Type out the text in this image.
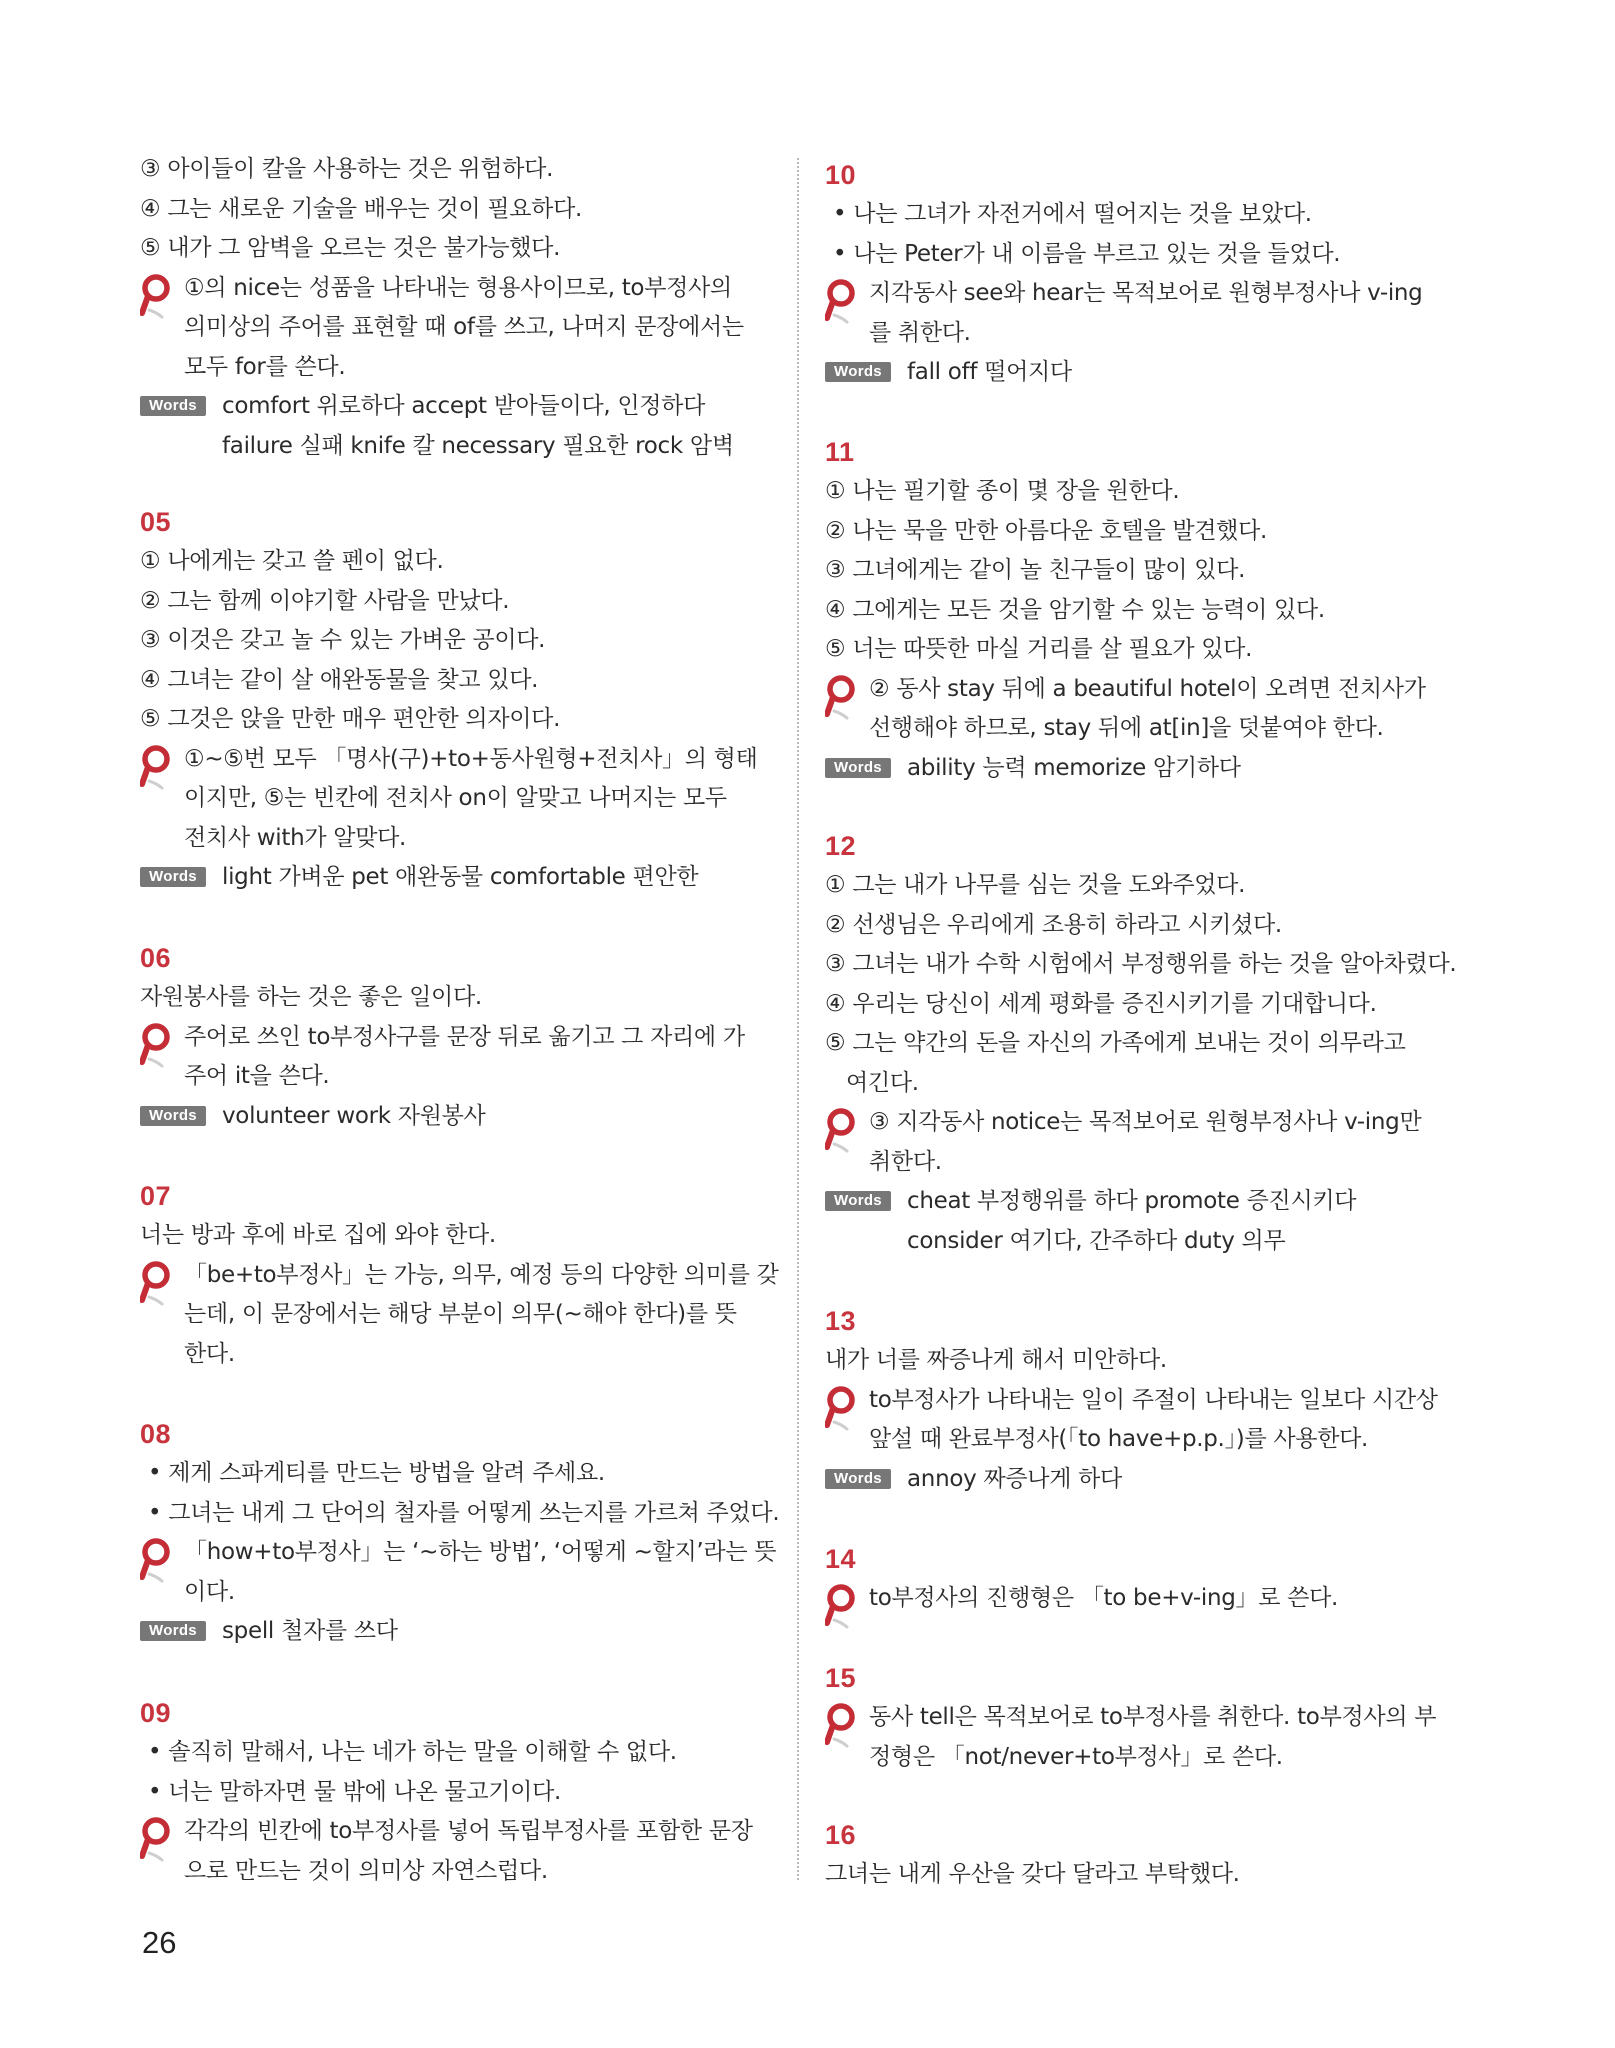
③ 아이들이 칼을 사용하는 것은 위험하다.
④ 그는 새로운 기술을 배우는 것이 필요하다.
⑤ 내가 그 암벽을 오르는 것은 불가능했다.
①의 nice는 성품을 나타내는 형용사이므로, to부정사의
의미상의 주어를 표현할 때 of를 쓰고, 나머지 문장에서는
모두 for를 쓴다.
Words	comfort 위로하다 accept 받아들이다, 인정하다
failure 실패 knife 칼 necessary 필요한 rock 암벽
05
① 나에게는 갖고 쓸 펜이 없다.
② 그는 함께 이야기할 사람을 만났다.
③ 이것은 갖고 놀 수 있는 가벼운 공이다.
④ 그녀는 같이 살 애완동물을 찾고 있다.
⑤ 그것은 앉을 만한 매우 편안한 의자이다.
①~⑤번 모두 「명사(구)+to+동사원형+전치사」의 형태
이지만, ⑤는 빈칸에 전치사 on이 알맞고 나머지는 모두
전치사 with가 알맞다.
Words	light 가벼운 pet 애완동물 comfortable 편안한
06
자원봉사를 하는 것은 좋은 일이다.
주어로 쓰인 to부정사구를 문장 뒤로 옮기고 그 자리에 가
주어 it을 쓴다.
Words	volunteer work 자원봉사
07
너는 방과 후에 바로 집에 와야 한다.
「be+to부정사」는 가능, 의무, 예정 등의 다양한 의미를 갖
는데, 이 문장에서는 해당 부분이 의무(~해야 한다)를 뜻
한다.
08
• 제게 스파게티를 만드는 방법을 알려 주세요.
• 그녀는 내게 그 단어의 철자를 어떻게 쓰는지를 가르쳐 주었다.
「how+to부정사」는 ‘~하는 방법’, ‘어떻게 ~할지’라는 뜻
이다.
Words	spell 철자를 쓰다
09
• 솔직히 말해서, 나는 네가 하는 말을 이해할 수 없다.
• 너는 말하자면 물 밖에 나온 물고기이다.
각각의 빈칸에 to부정사를 넣어 독립부정사를 포함한 문장
으로 만드는 것이 의미상 자연스럽다.
10
• 나는 그녀가 자전거에서 떨어지는 것을 보았다.
• 나는 Peter가 내 이름을 부르고 있는 것을 들었다.
지각동사 see와 hear는 목적보어로 원형부정사나 v-ing
를 취한다.
Words	fall off 떨어지다
11
① 나는 필기할 종이 몇 장을 원한다.
② 나는 묵을 만한 아름다운 호텔을 발견했다.
③ 그녀에게는 같이 놀 친구들이 많이 있다.
④ 그에게는 모든 것을 암기할 수 있는 능력이 있다.
⑤ 너는 따뜻한 마실 거리를 살 필요가 있다.
② 동사 stay 뒤에 a beautiful hotel이 오려면 전치사가
선행해야 하므로, stay 뒤에 at[in]을 덧붙여야 한다.
Words	ability 능력 memorize 암기하다
12
① 그는 내가 나무를 심는 것을 도와주었다.
② 선생님은 우리에게 조용히 하라고 시키셨다.
③ 그녀는 내가 수학 시험에서 부정행위를 하는 것을 알아차렸다.
④ 우리는 당신이 세계 평화를 증진시키기를 기대합니다.
⑤ 그는 약간의 돈을 자신의 가족에게 보내는 것이 의무라고
여긴다.
③ 지각동사 notice는 목적보어로 원형부정사나 v-ing만
취한다.
Words	cheat 부정행위를 하다 promote 증진시키다
consider 여기다, 간주하다 duty 의무
13
내가 너를 짜증나게 해서 미안하다.
to부정사가 나타내는 일이 주절이 나타내는 일보다 시간상
앞설 때 완료부정사(「to have+p.p.」)를 사용한다.
Words	annoy 짜증나게 하다
14
to부정사의 진행형은 「to be+v-ing」로 쓴다.
15
동사 tell은 목적보어로 to부정사를 취한다. to부정사의 부
정형은 「not/never+to부정사」로 쓴다.
16
그녀는 내게 우산을 갖다 달라고 부탁했다.
26
